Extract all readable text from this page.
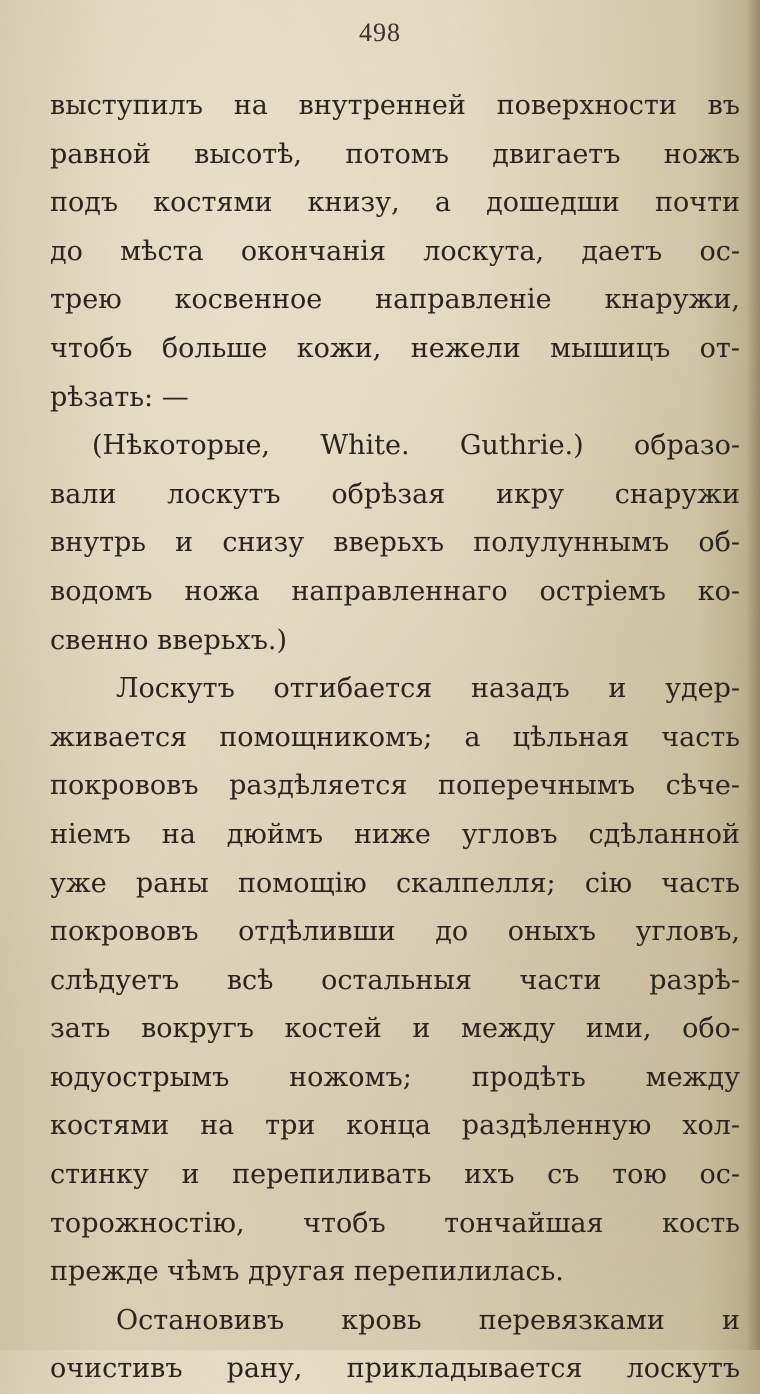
498
выступилъ на внутренней поверхности въ
равной высотѣ, потомъ двигаетъ ножъ
подъ костями книзу, а дошедши почти
до мѣста окончанія лоскута, даетъ ос-
трею косвенное направленіе кнаружи,
чтобъ больше кожи, нежели мышицъ от-
рѣзать: —
(Нѣкоторые, White. Guthrie.) образо-
вали лоскутъ обрѣзая икру снаружи
внутрь и снизу вверьхъ полулуннымъ об-
водомъ ножа направленнаго остріемъ ко-
свенно вверьхъ.)
Лоскутъ отгибается назадъ и удер-
живается помощникомъ; а цѣльная часть
покрововъ раздѣляется поперечнымъ сѣче-
ніемъ на дюймъ ниже угловъ сдѣланной
уже раны помощію скалпелля; сію часть
покрововъ отдѣливши до оныхъ угловъ,
слѣдуетъ всѣ остальныя части разрѣ-
зать вокругъ костей и между ими, обо-
юдуострымъ ножомъ; продѣть между
костями на три конца раздѣленную хол-
стинку и перепиливать ихъ съ тою ос-
торожностію, чтобъ тончайшая кость
прежде чѣмъ другая перепилилась.
Остановивъ кровь перевязками и
очистивъ рану, прикладывается лоскутъ
